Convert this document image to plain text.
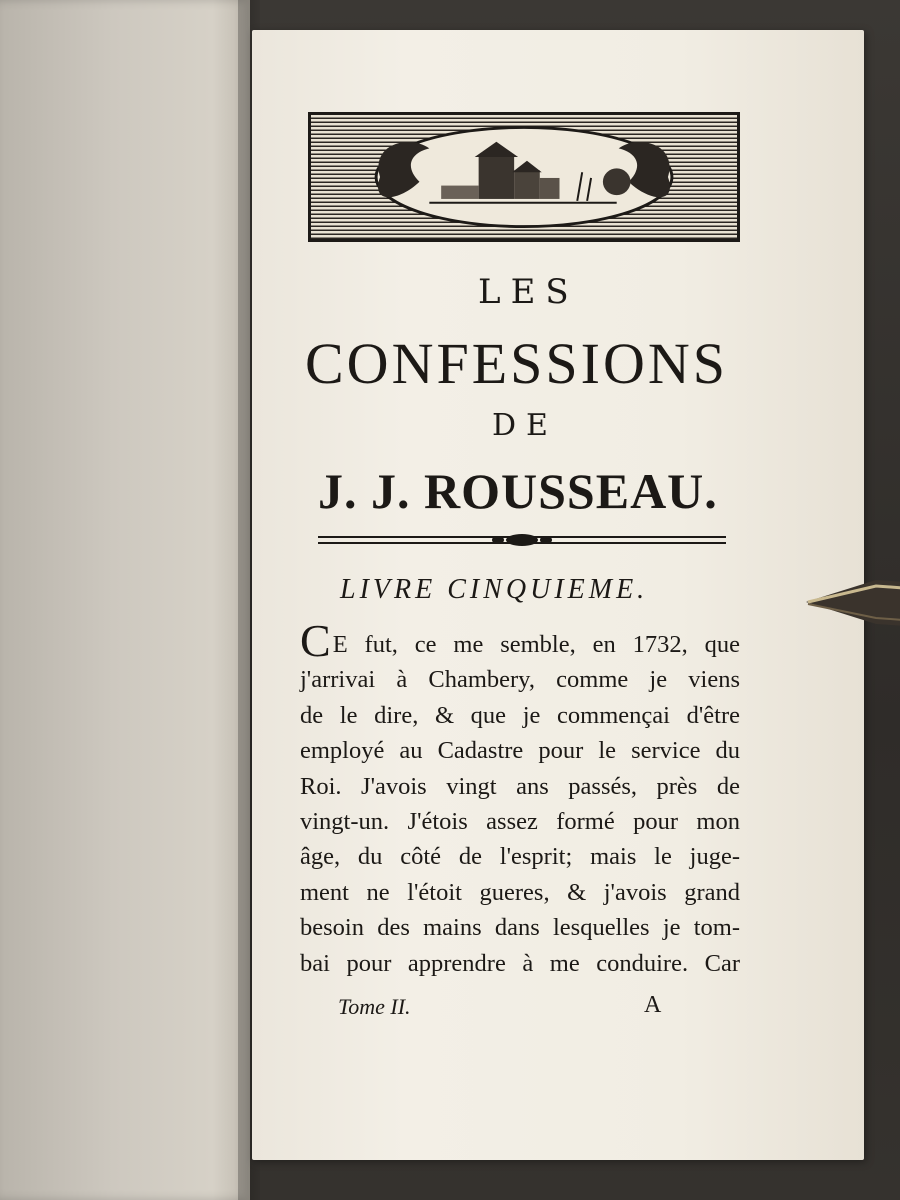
LES
CONFESSIONS
DE
J. J. ROUSSEAU.
LIVRE CINQUIEME.
CE fut, ce me semble, en 1732, que
j'arrivai à Chambery, comme je viens
de le dire, & que je commençai d'être
employé au Cadastre pour le service du
Roi. J'avois vingt ans passés, près de
vingt-un. J'étois assez formé pour mon
âge, du côté de l'esprit; mais le juge-
ment ne l'étoit gueres, & j'avois grand
besoin des mains dans lesquelles je tom-
bai pour apprendre à me conduire. Car
Tome II.	A
